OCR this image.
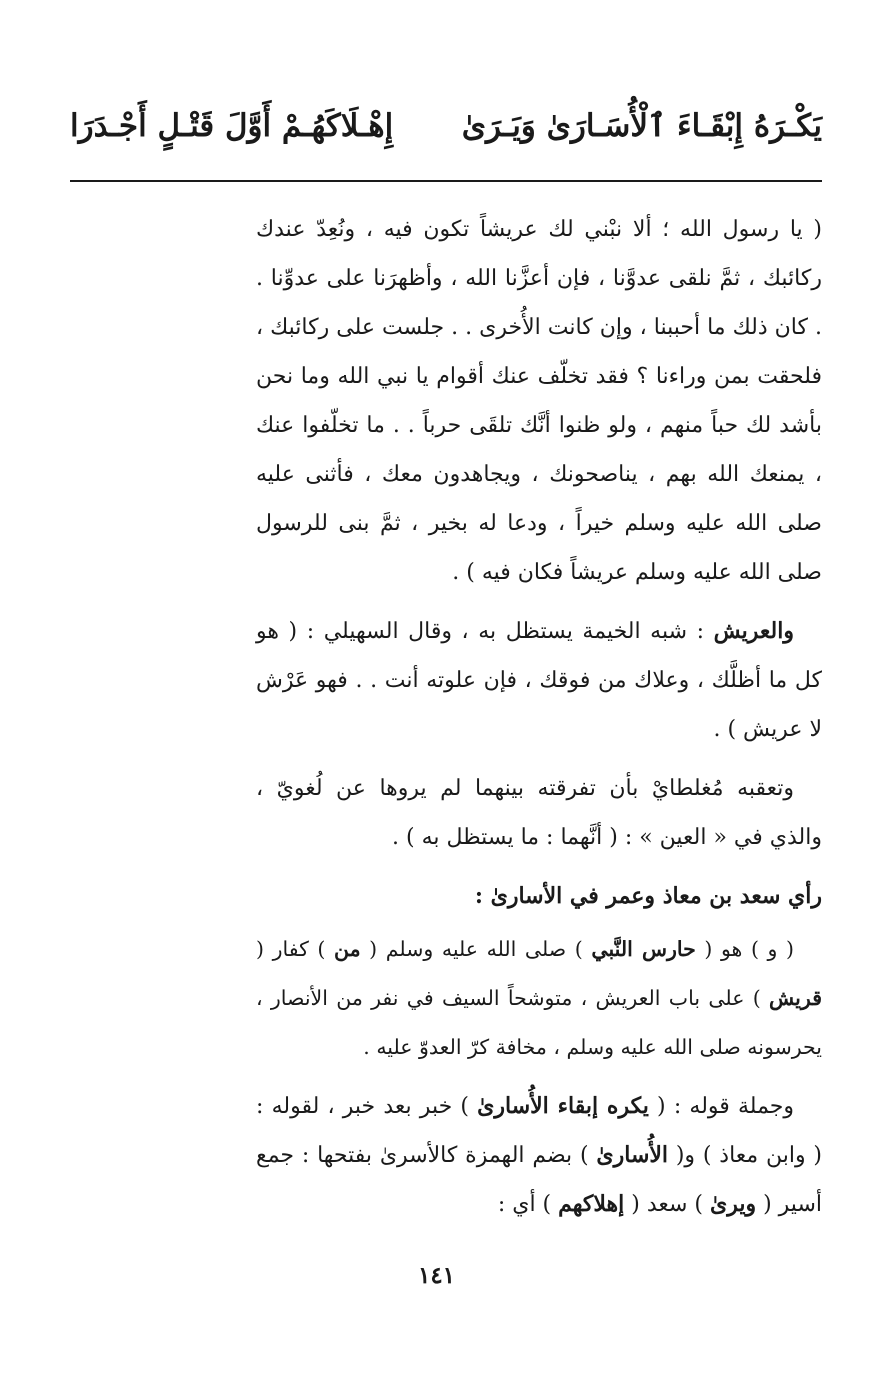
يَكْـرَهُ إِبْقَـاءَ ٱلْأُسَـارَىٰ وَيَـرَىٰ
إِهْـلَاكَهُـمْ أَوَّلَ قَتْـلٍ أَجْـدَرَا

( يا رسول الله ؛ ألا نبْني لك عريشاً تكون فيه ، ونُعِدّ عندك ركائبك ، ثمَّ نلقى عدوَّنا ، فإن أعزَّنا الله ، وأظهرَنا على عدوِّنا . . كان ذلك ما أحببنا ، وإن كانت الأُخرى . . جلست على ركائبك ، فلحقت بمن وراءنا ؟ فقد تخلّف عنك أقوام يا نبي الله وما نحن بأشد لك حباً منهم ، ولو ظنوا أنَّك تلقَى حرباً . . ما تخلّفوا عنك ، يمنعك الله بهم ، يناصحونك ، ويجاهدون معك ، فأثنى عليه صلى الله عليه وسلم خيراً ، ودعا له بخير ، ثمَّ بنى للرسول صلى الله عليه وسلم عريشاً فكان فيه ) .

والعريش : شبه الخيمة يستظل به ، وقال السهيلي : ( هو كل ما أظلَّك ، وعلاك من فوقك ، فإن علوته أنت . . فهو عَرْش لا عريش ) .

وتعقبه مُغلطايْ بأن تفرقته بينهما لم يروها عن لُغويّ ، والذي في « العين » : ( أنَّهما : ما يستظل به ) .

رأي سعد بن معاذ وعمر في الأسارىٰ :

( و ) هو ( حارس النَّبي ) صلى الله عليه وسلم ( من ) كفار ( قريش ) على باب العريش ، متوشحاً السيف في نفر من الأنصار ، يحرسونه صلى الله عليه وسلم ، مخافة كرّ العدوّ عليه .

وجملة قوله : ( يكره إبقاء الأُسارىٰ ) خبر بعد خبر ، لقوله : ( وابن معاذ ) و( الأُسارىٰ ) بضم الهمزة كالأسرىٰ بفتحها : جمع أسير ( ويرىٰ ) سعد ( إهلاكهم ) أي :

١٤١
